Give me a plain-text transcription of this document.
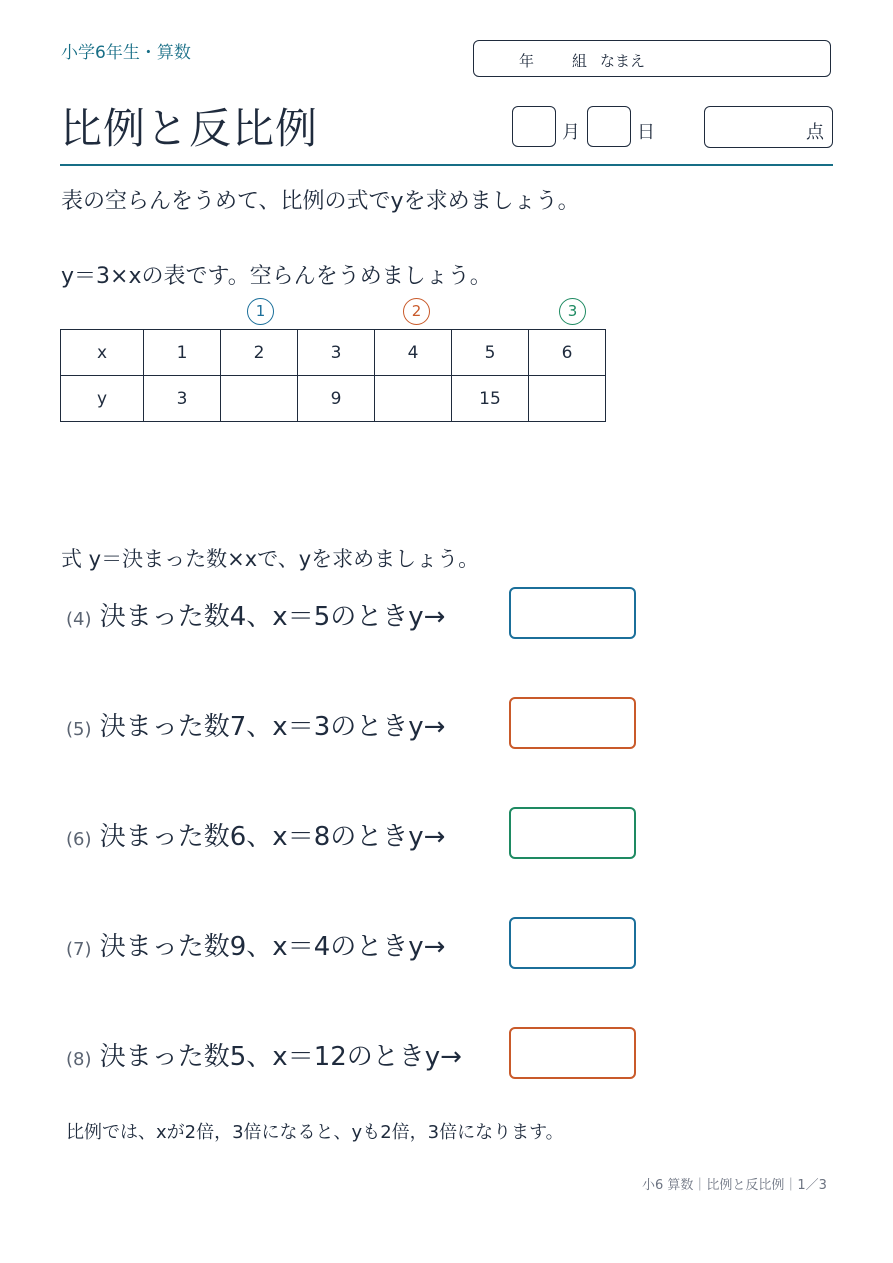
小学6年生・算数	年	組 なまえ
比例と反比例	月	日	点
表の空らんをうめて、比例の式でyを求めましょう。
y＝3×xの表です。空らんをうめましょう。
1	2	3
x	1	2	3	4	5	6
y	3		9		15	
式 y＝決まった数×xで、yを求めましょう。
(4) 決まった数4、x＝5のときy→
(5) 決まった数7、x＝3のときy→
(6) 決まった数6、x＝8のときy→
(7) 決まった数9、x＝4のときy→
(8) 決まった数5、x＝12のときy→
比例では、xが2倍，3倍になると、yも2倍，3倍になります。
小6 算数｜比例と反比例｜1／3
